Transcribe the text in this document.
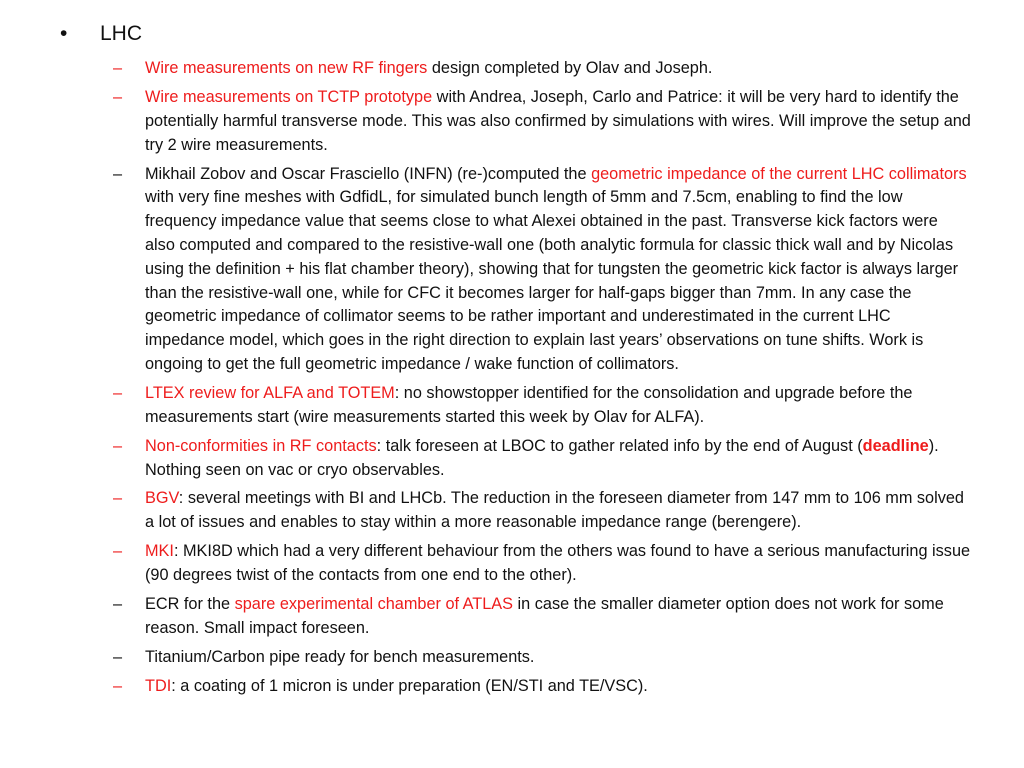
• LHC
– Wire measurements on new RF fingers design completed by Olav and Joseph.
– Wire measurements on TCTP prototype with Andrea, Joseph, Carlo and Patrice: it will be very hard to identify the potentially harmful transverse mode. This was also confirmed by simulations with wires. Will improve the setup and try 2 wire measurements.
– Mikhail Zobov and Oscar Frasciello (INFN) (re-)computed the geometric impedance of the current LHC collimators with very fine meshes with GdfidL, for simulated bunch length of 5mm and 7.5cm, enabling to find the low frequency impedance value that seems close to what Alexei obtained in the past. Transverse kick factors were also computed and compared to the resistive-wall one (both analytic formula for classic thick wall and by Nicolas using the definition + his flat chamber theory), showing that for tungsten the geometric kick factor is always larger than the resistive-wall one, while for CFC it becomes larger for half-gaps bigger than 7mm. In any case the geometric impedance of collimator seems to be rather important and underestimated in the current LHC impedance model, which goes in the right direction to explain last years’ observations on tune shifts. Work is ongoing to get the full geometric impedance / wake function of collimators.
– LTEX review for ALFA and TOTEM: no showstopper identified for the consolidation and upgrade before the measurements start (wire measurements started this week by Olav for ALFA).
– Non-conformities in RF contacts: talk foreseen at LBOC to gather related info by the end of August (deadline). Nothing seen on vac or cryo observables.
– BGV: several meetings with BI and LHCb. The reduction in the foreseen diameter from 147 mm to 106 mm solved a lot of issues and enables to stay within a more reasonable impedance range (berengere).
– MKI: MKI8D which had a very different behaviour from the others was found to have a serious manufacturing issue (90 degrees twist of the contacts from one end to the other).
– ECR for the spare experimental chamber of ATLAS in case the smaller diameter option does not work for some reason. Small impact foreseen.
– Titanium/Carbon pipe ready for bench measurements.
– TDI: a coating of 1 micron is under preparation (EN/STI and TE/VSC).
